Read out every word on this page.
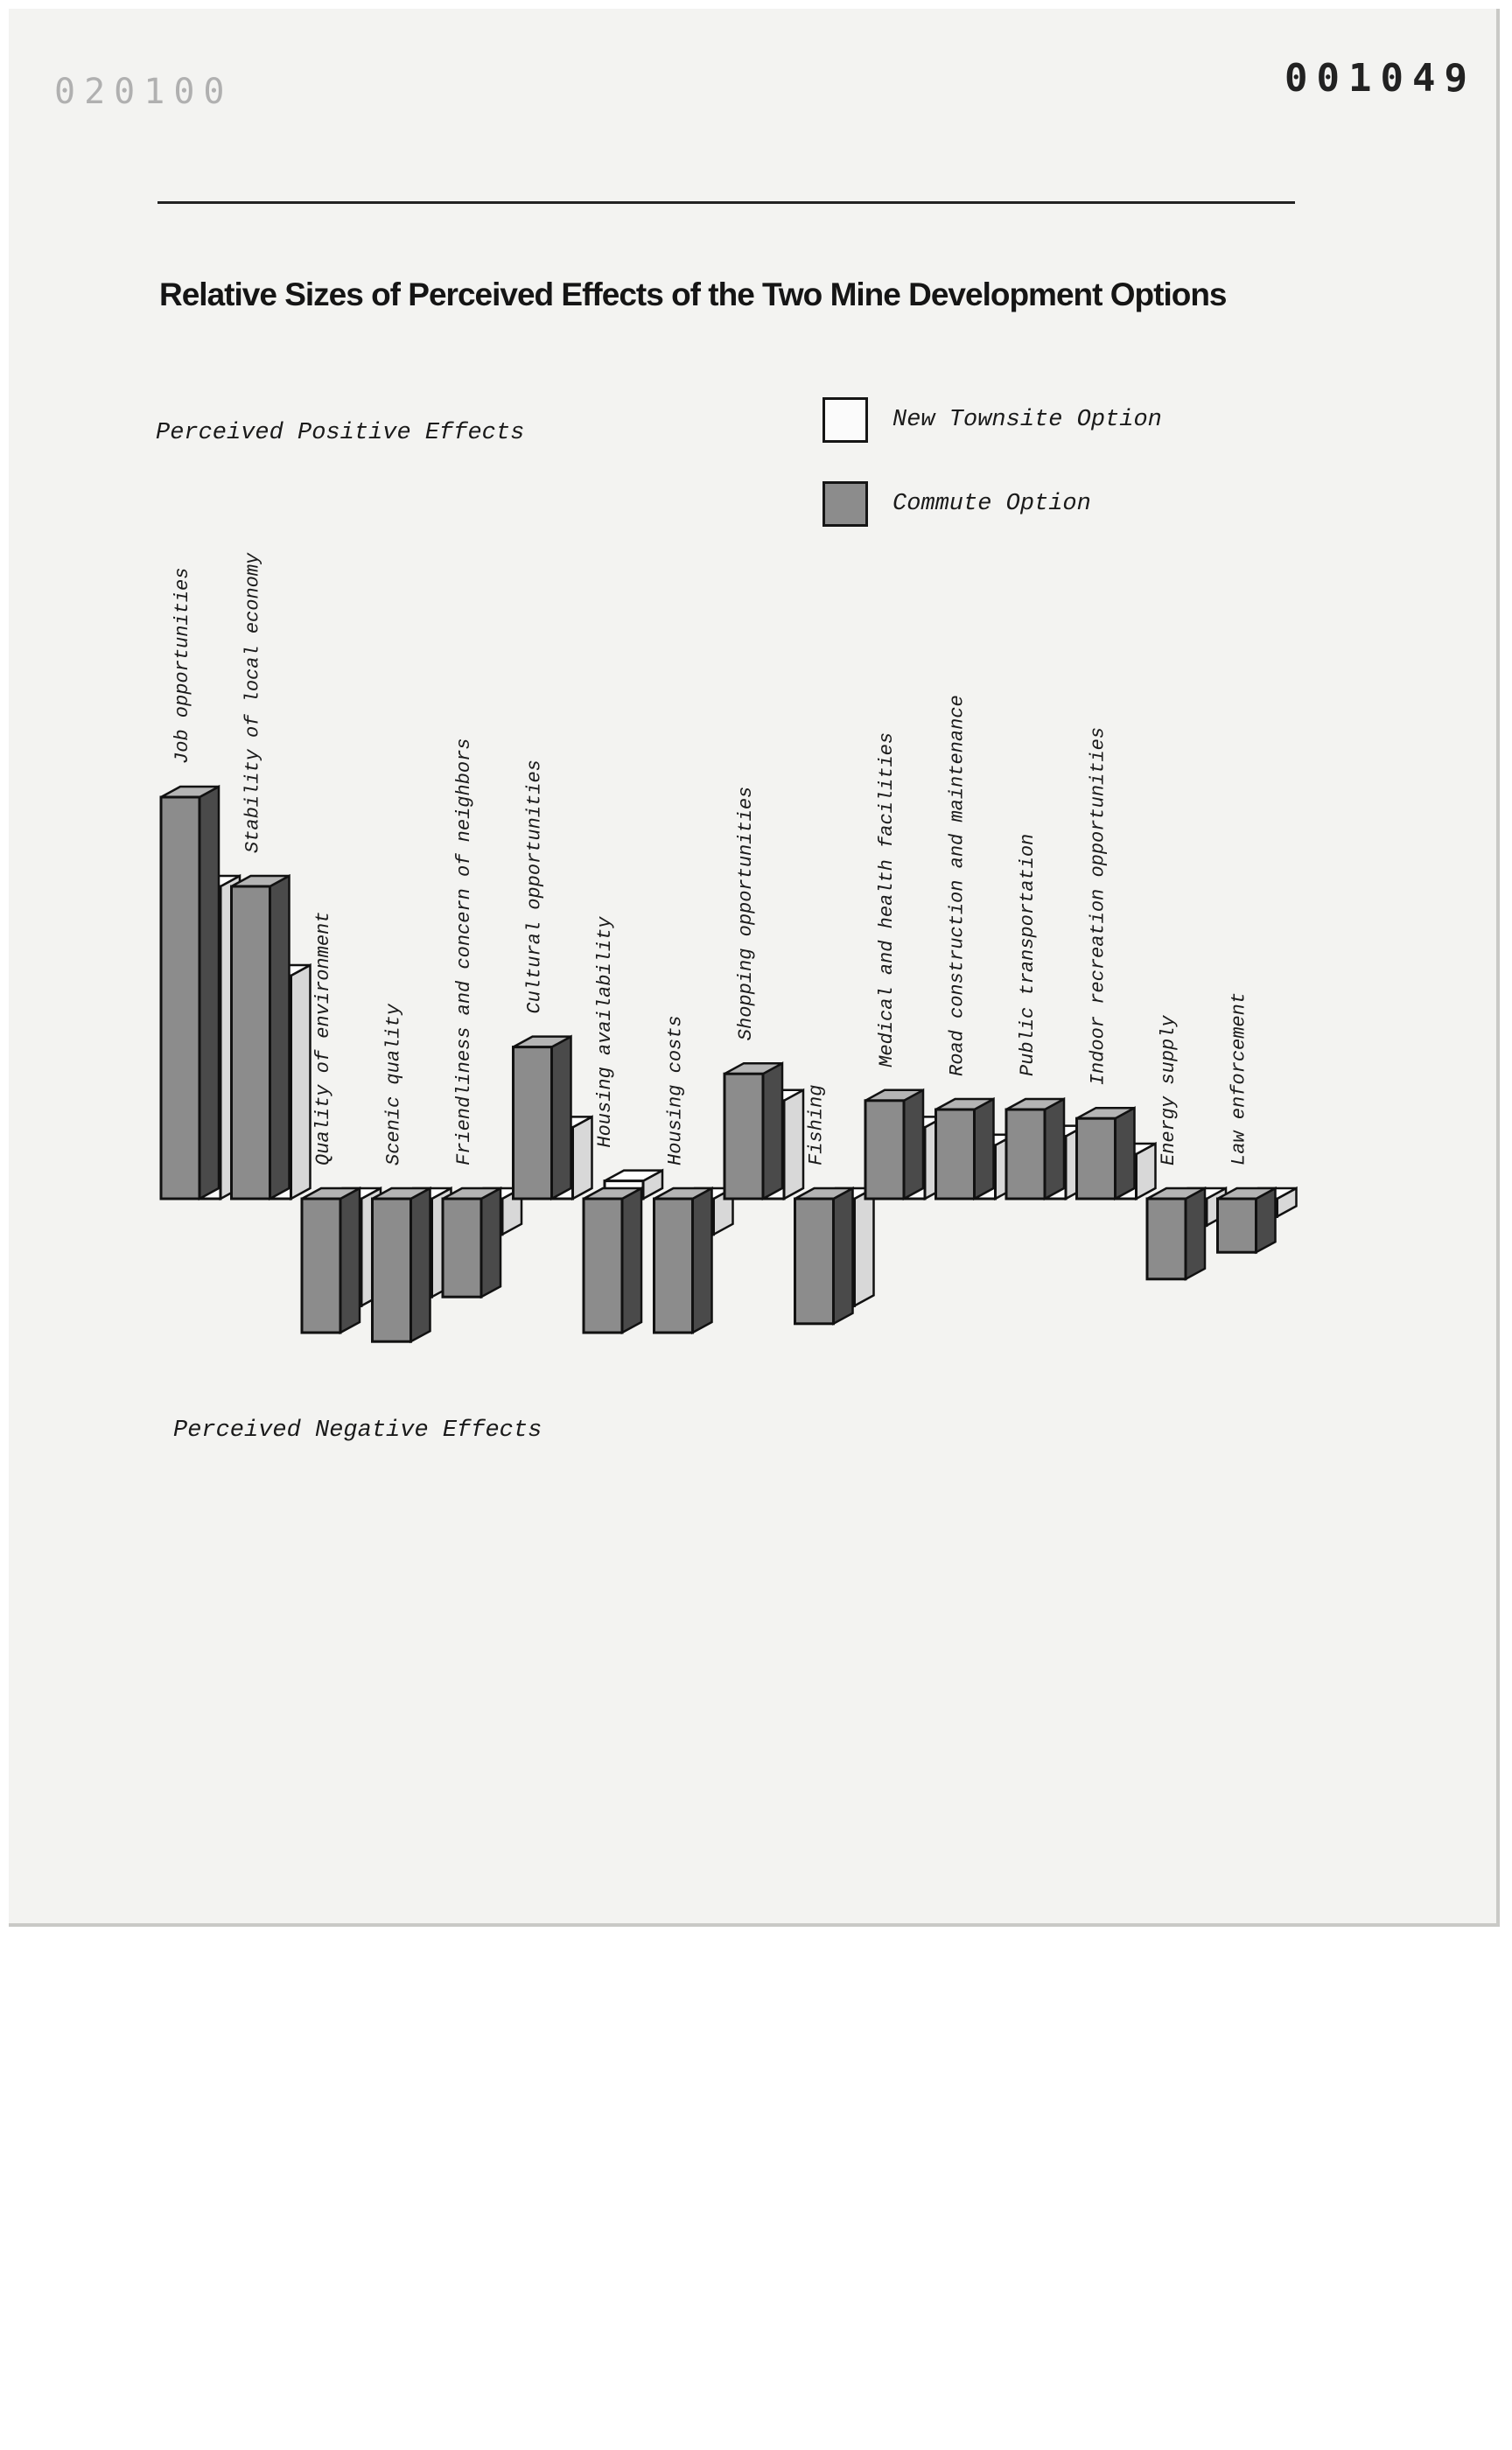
020100	001049
Relative Sizes of Perceived Effects of the Two Mine Development Options
Perceived Positive Effects
Perceived Negative Effects
New Townsite Option
Commute Option
Job opportunities	Stability of local economy
Quality of environment	Scenic quality	Friendliness and concern of neighbors	Cultural opportunities
Housing availability	Housing costs
Shopping opportunities
Fishing
Medical and health facilities	Road construction and maintenance	Public transportation	Indoor recreation opportunities
Energy supply	Law enforcement
